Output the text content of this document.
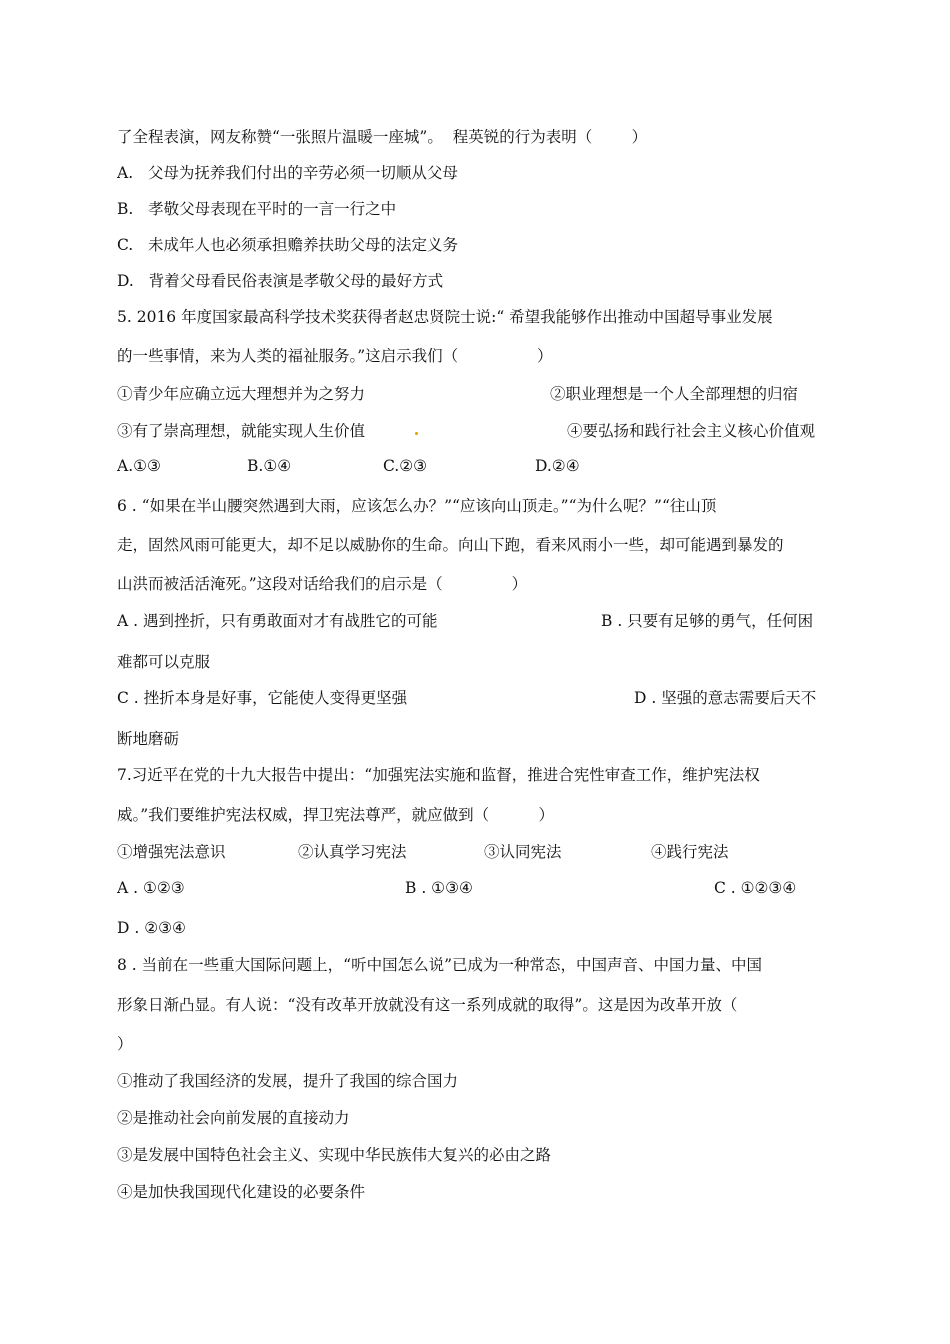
了全程表演，网友称赞“一张照片温暖一座城”。  程英锐的行为表明（        ）
A.   父母为抚养我们付出的辛劳必须一切顺从父母
B.   孝敬父母表现在平时的一言一行之中
C.   未成年人也必须承担赡养扶助父母的法定义务
D.   背着父母看民俗表演是孝敬父母的最好方式
5. 2016 年度国家最高科学技术奖获得者赵忠贤院士说:“ 希望我能够作出推动中国超导事业发展
的一些事情，来为人类的福祉服务。”这启示我们（                ）
①青少年应确立远大理想并为之努力	②职业理想是一个人全部理想的归宿
③有了崇高理想，就能实现人生价值	④要弘扬和践行社会主义核心价值观
A.①③	B.①④	C.②③	D.②④
6 . “如果在半山腰突然遇到大雨，应该怎么办？”“应该向山顶走。”“为什么呢？”“往山顶
走，固然风雨可能更大，却不足以威胁你的生命。向山下跑，看来风雨小一些，却可能遇到暴发的
山洪而被活活淹死。”这段对话给我们的启示是（              ）
A . 遇到挫折，只有勇敢面对才有战胜它的可能	B . 只要有足够的勇气，任何困
难都可以克服
C . 挫折本身是好事，它能使人变得更坚强	D . 坚强的意志需要后天不
断地磨砺
7.习近平在党的十九大报告中提出：“加强宪法实施和监督，推进合宪性审查工作，维护宪法权
威。”我们要维护宪法权威，捍卫宪法尊严，就应做到（          ）
①增强宪法意识	②认真学习宪法	③认同宪法	④践行宪法
A . ①②③	B . ①③④	C . ①②③④
D . ②③④
8 . 当前在一些重大国际问题上，“听中国怎么说”已成为一种常态，中国声音、中国力量、中国
形象日渐凸显。有人说：“没有改革开放就没有这一系列成就的取得”。这是因为改革开放（
）
①推动了我国经济的发展，提升了我国的综合国力
②是推动社会向前发展的直接动力
③是发展中国特色社会主义、实现中华民族伟大复兴的必由之路
④是加快我国现代化建设的必要条件
